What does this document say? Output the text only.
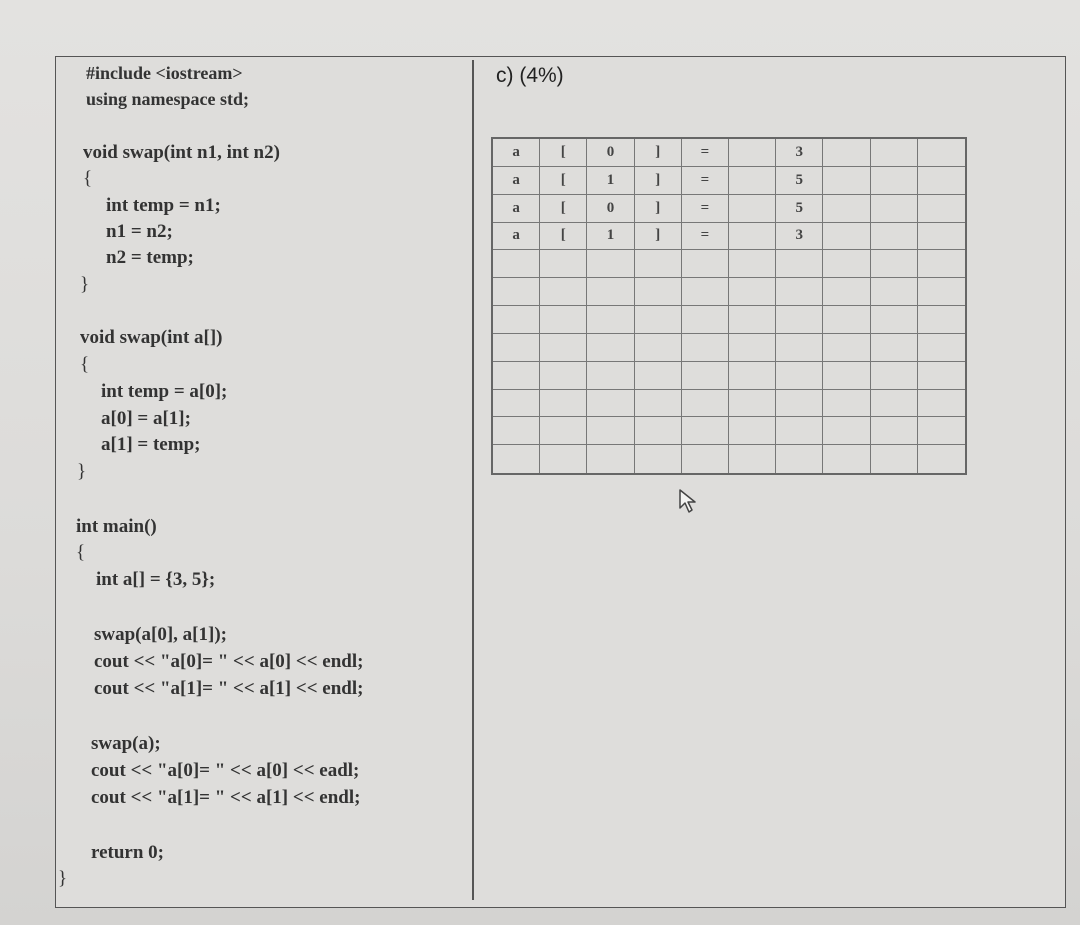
#include <iostream>
using namespace std;
void swap(int n1, int n2)
{
int temp = n1;
n1 = n2;
n2 = temp;
}
void swap(int a[])
{
int temp = a[0];
a[0] = a[1];
a[1] = temp;
}
int main()
{
int a[] = {3, 5};
swap(a[0], a[1]);
cout << "a[0]= " << a[0] << endl;
cout << "a[1]= " << a[1] << endl;
swap(a);
cout << "a[0]= " << a[0] << eadl;
cout << "a[1]= " << a[1] << endl;
return 0;
}
c) (4%)
a	[	0	]	=	3
a	[	1	]	=	5
a	[	0	]	=	5
a	[	1	]	=	3
